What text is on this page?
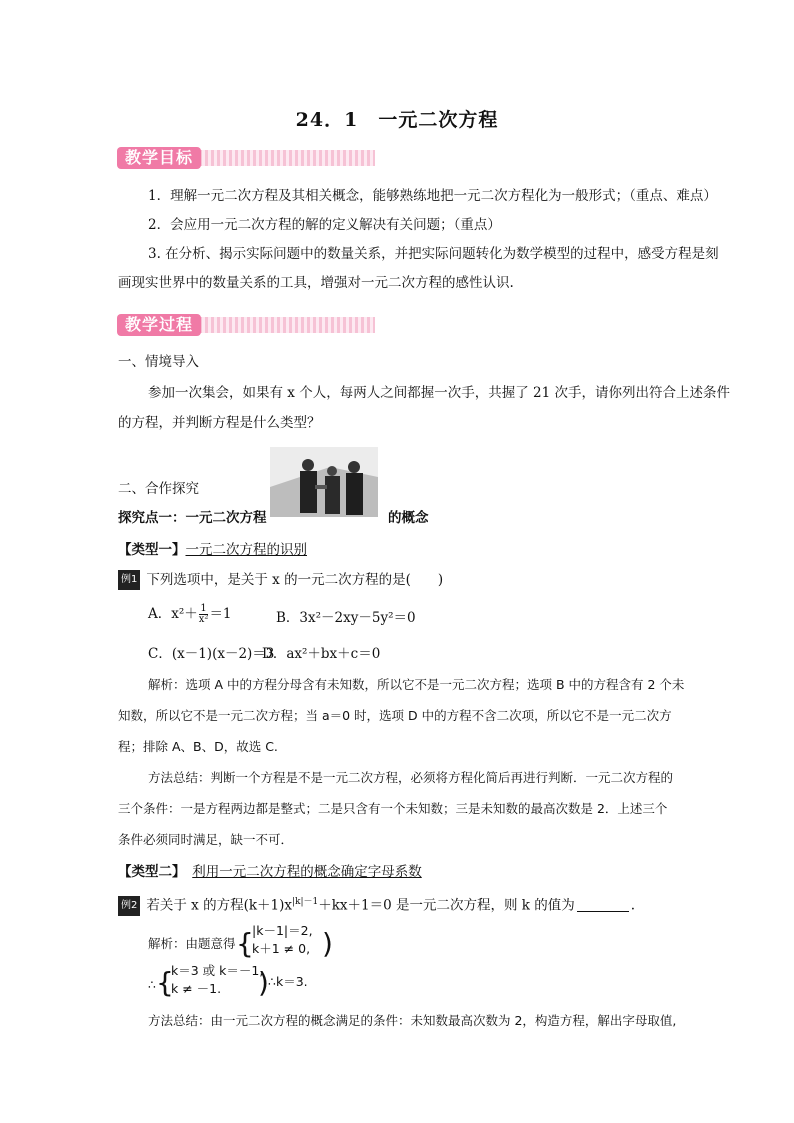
24．1　一元二次方程
教学目标
1．理解一元二次方程及其相关概念，能够熟练地把一元二次方程化为一般形式；（重点、难点）
2．会应用一元二次方程的解的定义解决有关问题；（重点）
3. 在分析、揭示实际问题中的数量关系，并把实际问题转化为数学模型的过程中，感受方程是刻
画现实世界中的数量关系的工具，增强对一元二次方程的感性认识.
教学过程
一、情境导入
参加一次集会，如果有 x 个人，每两人之间都握一次手，共握了 21 次手，请你列出符合上述条件
的方程，并判断方程是什么类型？
二、合作探究
探究点一：一元二次方程	的概念
【类型一】一元二次方程的识别
例1 下列选项中，是关于 x 的一元二次方程的是(　　)
A．$x^2+ \frac{1}{\text{x²}} =1$	B．3x²－2xy－5y²＝0
C．(x－1)(x－2)＝3
D．ax²＋bx＋c＝0
解析：选项 A 中的方程分母含有未知数，所以它不是一元二次方程；选项 B 中的方程含有 2 个未
知数，所以它不是一元二次方程；当 a＝0 时，选项 D 中的方程不含二次项，所以它不是一元二次方
程；排除 A、B、D，故选 C.
方法总结：判断一个方程是不是一元二次方程，必须将方程化简后再进行判断．一元二次方程的
三个条件：一是方程两边都是整式；二是只含有一个未知数；三是未知数的最高次数是 2．上述三个
条件必须同时满足，缺一不可．
【类型二】　 利用一元二次方程的概念确定字母系数
例2 若关于 x 的方程$(k+1)x^{|k|-1}+kx+1=0$ 是一元二次方程，则 k 的值为	.
解析：由题意得 {
|k－1|＝2,
k＋1 ≠ 0, )
∴ {
k＝3 或 k＝－1,
k ≠ －1. ) ∴k＝3.
方法总结：由一元二次方程的概念满足的条件：未知数最高次数为 2，构造方程，解出字母取值,
